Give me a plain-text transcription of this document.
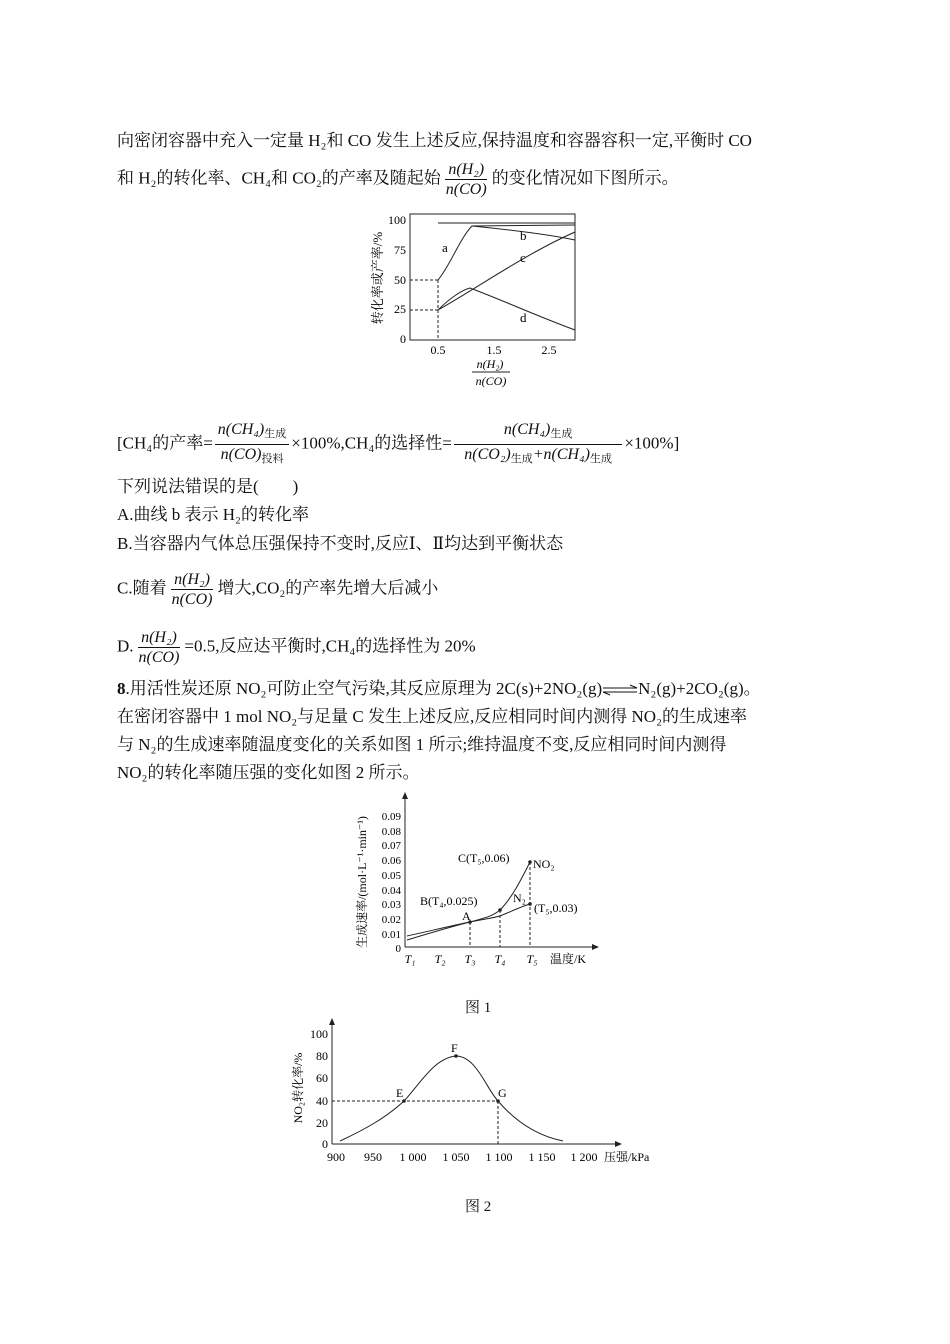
向密闭容器中充入一定量 H₂和 CO 发生上述反应,保持温度和容器容积一定,平衡时 CO
和 H₂的转化率、CH₄和 CO₂的产率及随起始 $\frac{\text{n(H₂)}}{n(CO)}$ 的变化情况如下图所示。
转化率或产率/%
100
75
50
25
0
0.5	1.5	2.5
a
b
c
d
n(H₂)
n(CO)
[CH₄的产率= $\frac{\text{n(CH₄)生成}}{\text{n(CO)投料}} \times 100\%,CH_4$的选择性= $\frac{\text{n(CH₄)生成}}{\text{n(CO₂)生成+n(CH₄)生成}} \times 100\%$]
下列说法错误的是(　　)
A.曲线 b 表示 H₂的转化率
B.当容器内气体总压强保持不变时,反应Ⅰ、Ⅱ均达到平衡状态
C.随着 $\frac{\text{n(H₂)}}{n(CO)}$ 增大,CO₂的产率先增大后减小
D. $\frac{\text{n(H₂)}}{n(CO)} =0.5$,反应达平衡时,CH₄的选择性为 20%
8.用活性炭还原 NO₂可防止空气污染,其反应原理为 2C(s)+2NO₂(g)⇌N₂(g)+2CO₂(g)。
在密闭容器中 1 mol NO₂与足量 C 发生上述反应,反应相同时间内测得 NO₂的生成速率
与 N₂的生成速率随温度变化的关系如图 1 所示;维持温度不变,反应相同时间内测得
NO₂的转化率随压强的变化如图 2 所示。
生成速率/(mol·L⁻¹·min⁻¹) 0.09
0.08
0.07
0.06
0.05
0.04
0.03
0.02
0.01
0
T₁ T₂ T₃ T₄ T₅ 温度/K
A
B(T₄,0.025)
C(T₅,0.06) NO₂
N₂
(T₅,0.03)
图 1
NO₂转化率/%
100
80
60
40
20
0
900 950 1 000 1 050 1 100 1 150 1 200 压强/kPa
E
F
G
图 2
